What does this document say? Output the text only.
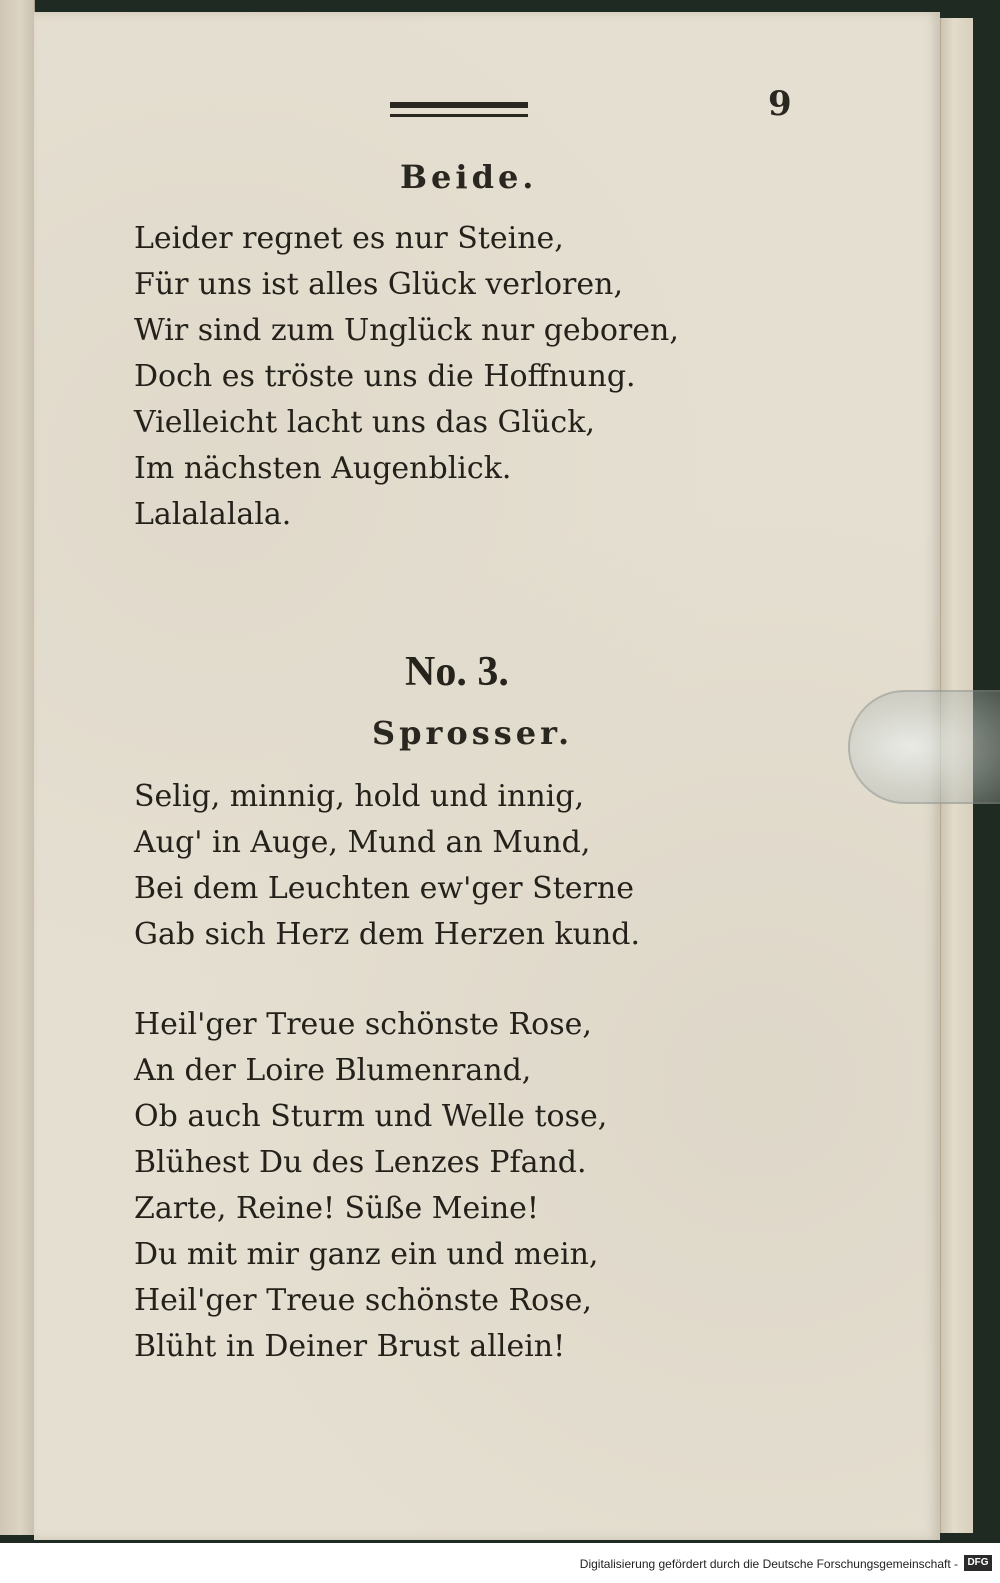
9
Beide.
Leider regnet es nur Steine,
Für uns ist alles Glück verloren,
Wir sind zum Unglück nur geboren,
Doch es tröste uns die Hoffnung.
Vielleicht lacht uns das Glück,
Im nächsten Augenblick.
Lalalalala.
No. 3.
Sprosser.
Selig, minnig, hold und innig,
Aug' in Auge, Mund an Mund,
Bei dem Leuchten ew'ger Sterne
Gab sich Herz dem Herzen kund.
Heil'ger Treue schönste Rose,
An der Loire Blumenrand,
Ob auch Sturm und Welle tose,
Blühest Du des Lenzes Pfand.
Zarte, Reine! Süße Meine!
Du mit mir ganz ein und mein,
Heil'ger Treue schönste Rose,
Blüht in Deiner Brust allein!
Digitalisierung gefördert durch die Deutsche Forschungsgemeinschaft - DFG
